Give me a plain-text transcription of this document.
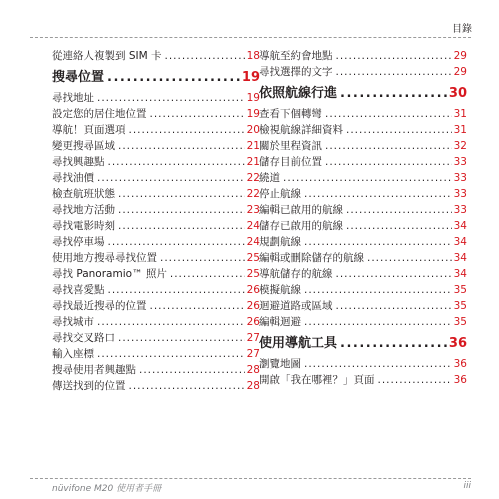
目錄
從連絡人複製到 SIM 卡 .....	18
搜尋位置 .....	19
尋找地址 .....	19
設定您的居住地位置 .....	19
導航！頁面選項 .....	20
變更搜尋區域 .....	21
尋找興趣點 .....	21
尋找油價 .....	22
檢查航班狀態 .....	22
尋找地方活動 .....	23
尋找電影時刻 .....	24
尋找停車場 .....	24
使用地方搜尋尋找位置 .....	25
尋找 Panoramio™ 照片 .....	25
尋找喜愛點 .....	26
尋找最近搜尋的位置 .....	26
尋找城市 .....	26
尋找交叉路口 .....	27
輸入座標 .....	27
搜尋使用者興趣點 .....	28
傳送找到的位置 .....	28
導航至約會地點 .....	29
尋找選擇的文字 .....	29
依照航線行進 .....	30
查看下個轉彎 .....	31
檢視航線詳細資料 .....	31
關於里程資訊 .....	32
儲存目前位置 .....	33
繞道 .....	33
停止航線 .....	33
編輯已啟用的航線 .....	33
儲存已啟用的航線 .....	34
規劃航線 .....	34
編輯或刪除儲存的航線 .....	34
導航儲存的航線 .....	34
模擬航線 .....	35
迴避道路或區域 .....	35
編輯迴避 .....	35
使用導航工具 .....	36
瀏覽地圖 .....	36
開啟「我在哪裡？」頁面 .....	36
nüvifone M20 使用者手冊	iii
